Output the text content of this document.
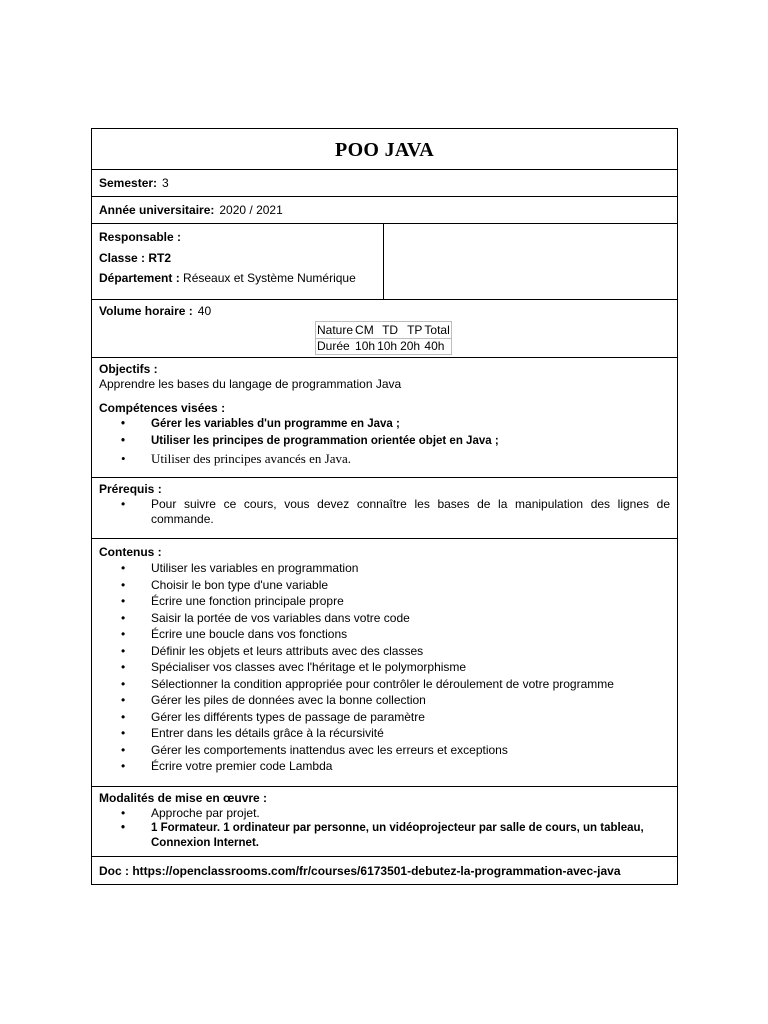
POO JAVA
Semester: 3
Année universitaire: 2020 / 2021
Responsable :
Classe : RT2
Département : Réseaux et Système Numérique
Volume horaire : 40
Nature	CM	TD	TP	Total
Durée	10h	10h	20h	40h
Objectifs :
Apprendre les bases du langage de programmation Java
Compétences visées :
• Gérer les variables d'un programme en Java ;
• Utiliser les principes de programmation orientée objet en Java ;
• Utiliser des principes avancés en Java.
Prérequis :
• Pour suivre ce cours, vous devez connaître les bases de la manipulation des lignes de commande.
Contenus :
• Utiliser les variables en programmation
• Choisir le bon type d'une variable
• Écrire une fonction principale propre
• Saisir la portée de vos variables dans votre code
• Écrire une boucle dans vos fonctions
• Définir les objets et leurs attributs avec des classes
• Spécialiser vos classes avec l'héritage et le polymorphisme
• Sélectionner la condition appropriée pour contrôler le déroulement de votre programme
• Gérer les piles de données avec la bonne collection
• Gérer les différents types de passage de paramètre
• Entrer dans les détails grâce à la récursivité
• Gérer les comportements inattendus avec les erreurs et exceptions
• Écrire votre premier code Lambda
Modalités de mise en œuvre :
• Approche par projet.
• 1 Formateur. 1 ordinateur par personne, un vidéoprojecteur par salle de cours, un tableau, Connexion Internet.
Doc : https://openclassrooms.com/fr/courses/6173501-debutez-la-programmation-avec-java
